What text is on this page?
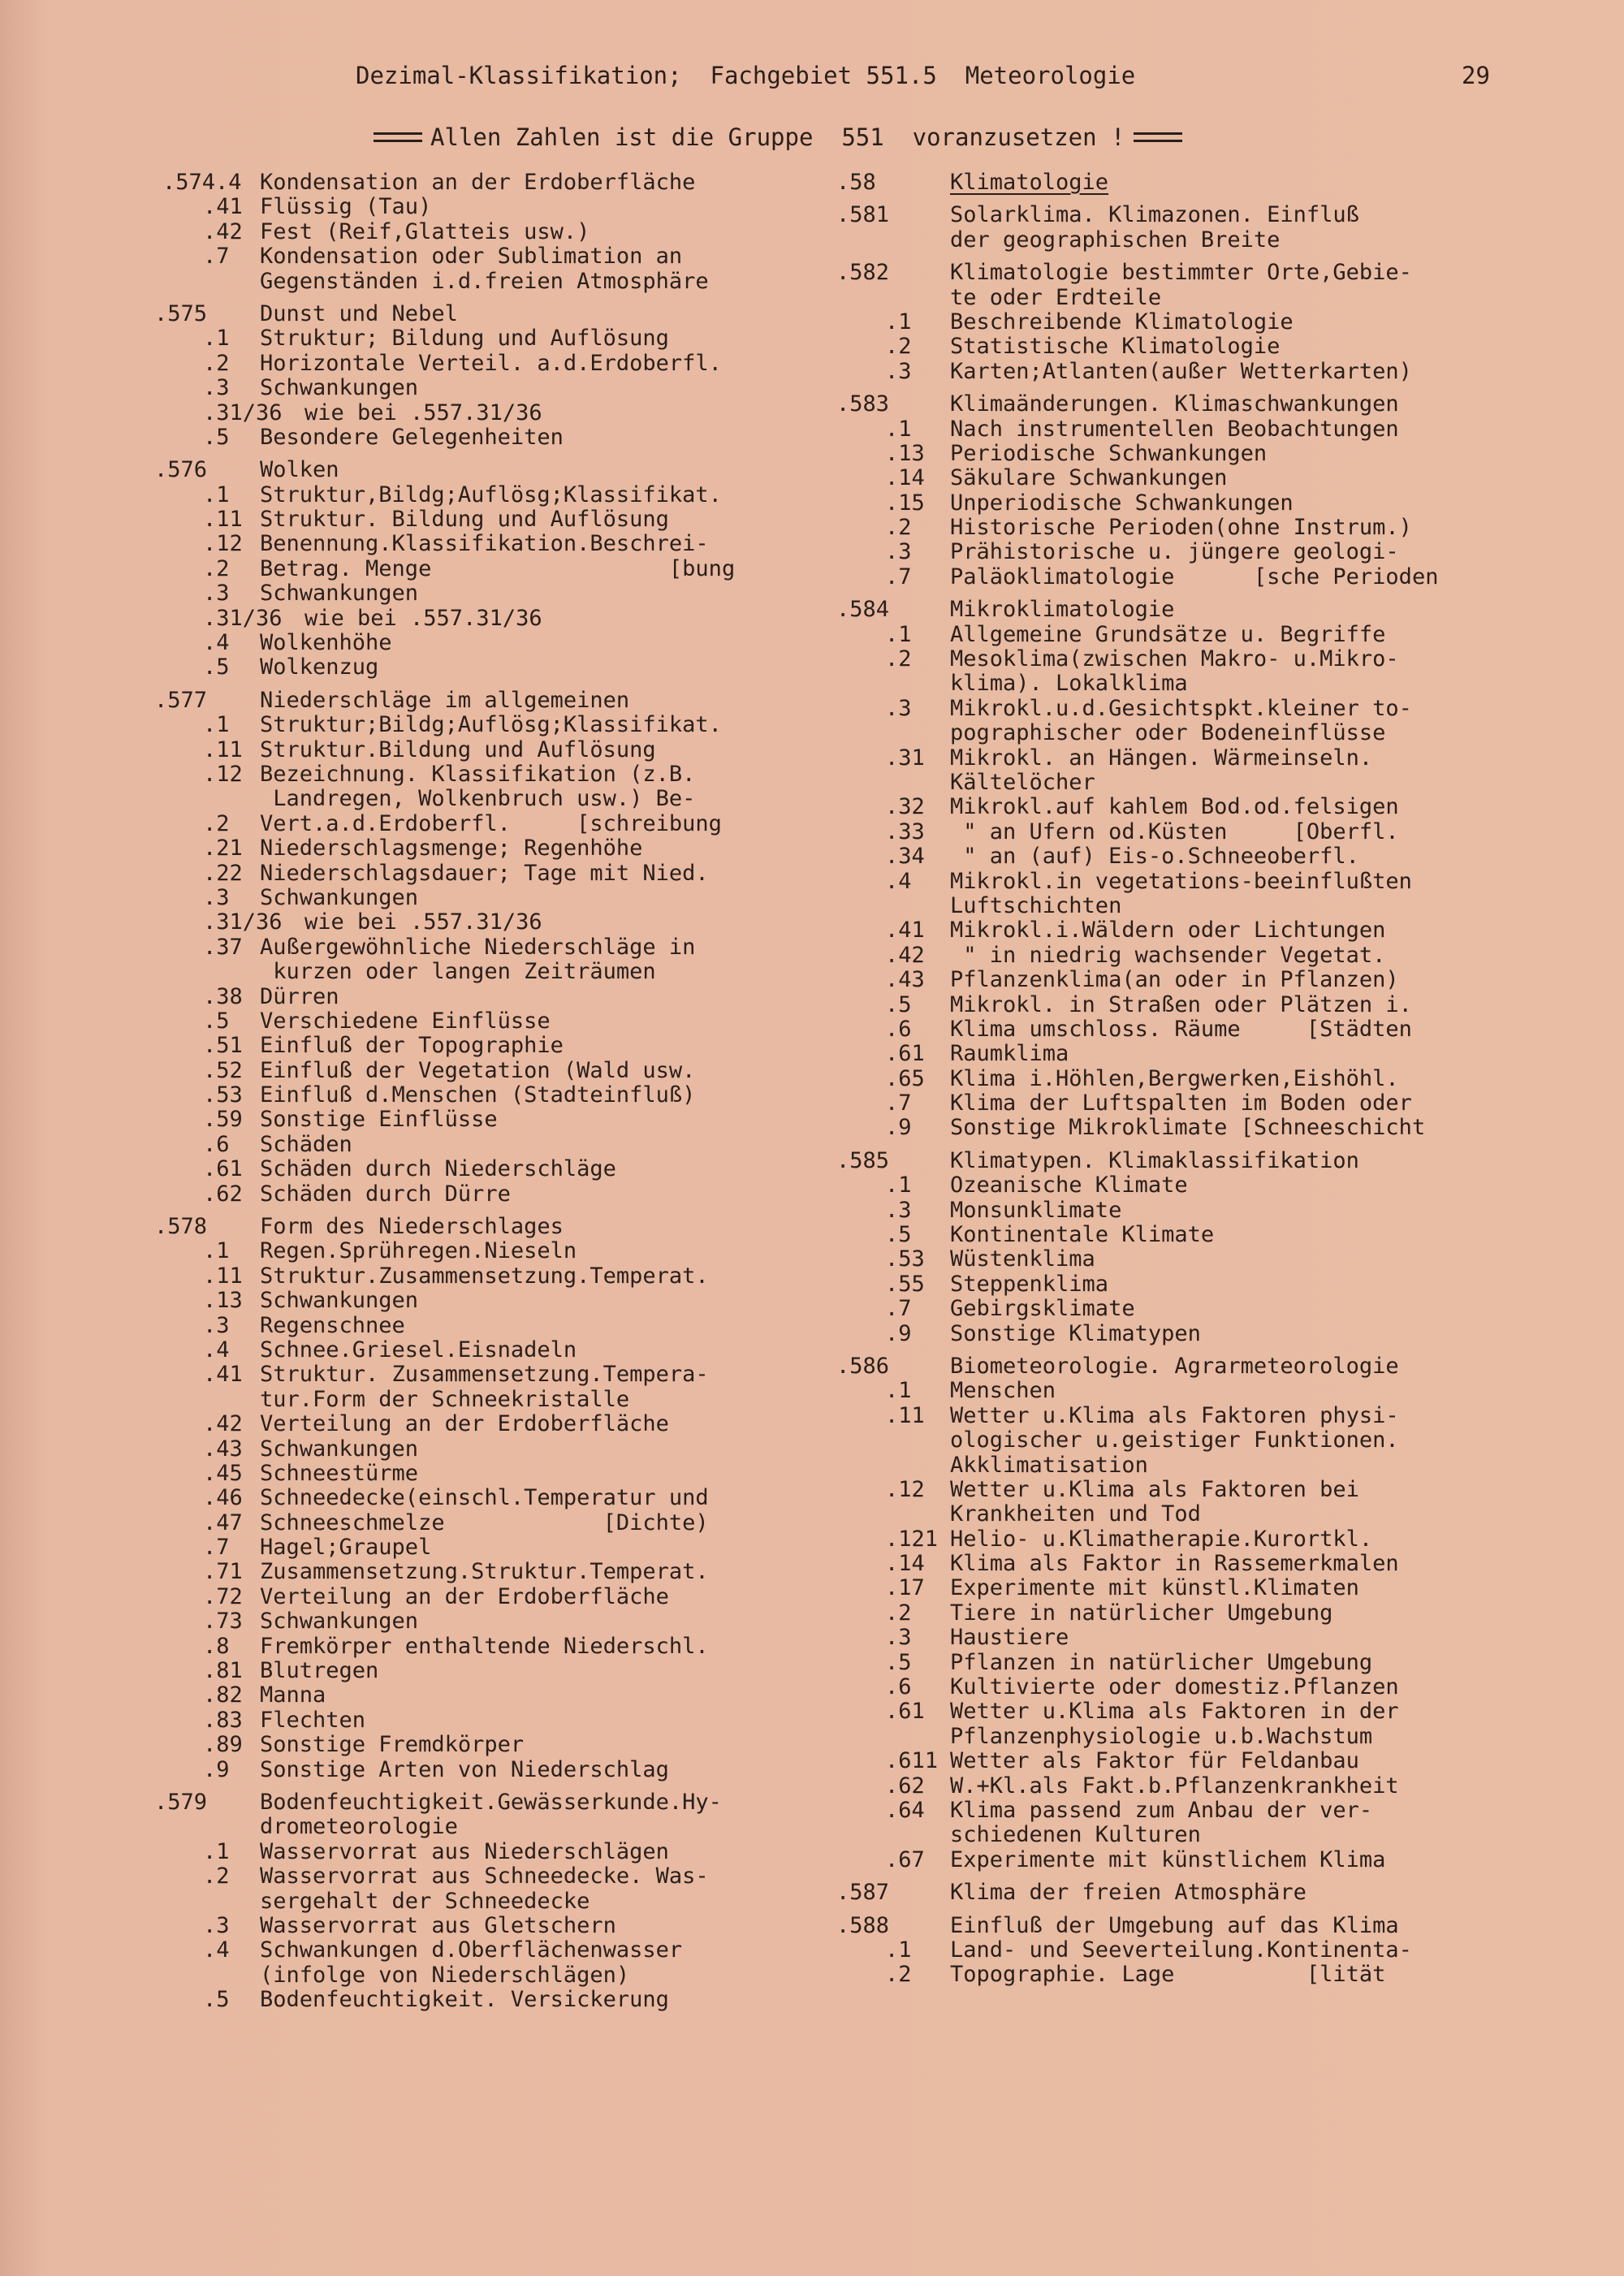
Dezimal-Klassifikation;  Fachgebiet 551.5  Meteorologie	29
Allen Zahlen ist die Gruppe  551  voranzusetzen !
.574.4 Kondensation an der Erdoberfläche
.41 Flüssig (Tau)
.42 Fest (Reif,Glatteis usw.)
.7 Kondensation oder Sublimation an
Gegenständen i.d.freien Atmosphäre
.575 Dunst und Nebel
.1 Struktur; Bildung und Auflösung
.2 Horizontale Verteil. a.d.Erdoberfl.
.3 Schwankungen
.31/36 wie bei .557.31/36
.5 Besondere Gelegenheiten
.576 Wolken
.1 Struktur,Bildg;Auflösg;Klassifikat.
.11 Struktur. Bildung und Auflösung
.12 Benennung.Klassifikation.Beschrei-
.2 Betrag. Menge                  [bung
.3 Schwankungen
.31/36 wie bei .557.31/36
.4 Wolkenhöhe
.5 Wolkenzug
.577 Niederschläge im allgemeinen
.1 Struktur;Bildg;Auflösg;Klassifikat.
.11 Struktur.Bildung und Auflösung
.12 Bezeichnung. Klassifikation (z.B.
Landregen, Wolkenbruch usw.) Be-
.2 Vert.a.d.Erdoberfl.     [schreibung
.21 Niederschlagsmenge; Regenhöhe
.22 Niederschlagsdauer; Tage mit Nied.
.3 Schwankungen
.31/36 wie bei .557.31/36
.37 Außergewöhnliche Niederschläge in
kurzen oder langen Zeiträumen
.38 Dürren
.5 Verschiedene Einflüsse
.51 Einfluß der Topographie
.52 Einfluß der Vegetation (Wald usw.
.53 Einfluß d.Menschen (Stadteinfluß)
.59 Sonstige Einflüsse
.6 Schäden
.61 Schäden durch Niederschläge
.62 Schäden durch Dürre
.578 Form des Niederschlages
.1 Regen.Sprühregen.Nieseln
.11 Struktur.Zusammensetzung.Temperat.
.13 Schwankungen
.3 Regenschnee
.4 Schnee.Griesel.Eisnadeln
.41 Struktur. Zusammensetzung.Tempera-
tur.Form der Schneekristalle
.42 Verteilung an der Erdoberfläche
.43 Schwankungen
.45 Schneestürme
.46 Schneedecke(einschl.Temperatur und
.47 Schneeschmelze            [Dichte)
.7 Hagel;Graupel
.71 Zusammensetzung.Struktur.Temperat.
.72 Verteilung an der Erdoberfläche
.73 Schwankungen
.8 Fremkörper enthaltende Niederschl.
.81 Blutregen
.82 Manna
.83 Flechten
.89 Sonstige Fremdkörper
.9 Sonstige Arten von Niederschlag
.579 Bodenfeuchtigkeit.Gewässerkunde.Hy-
drometeorologie
.1 Wasservorrat aus Niederschlägen
.2 Wasservorrat aus Schneedecke. Was-
sergehalt der Schneedecke
.3 Wasservorrat aus Gletschern
.4 Schwankungen d.Oberflächenwasser
(infolge von Niederschlägen)
.5 Bodenfeuchtigkeit. Versickerung
.58	Klimatologie
.581	Solarklima. Klimazonen. Einfluß
der geographischen Breite
.582	Klimatologie bestimmter Orte,Gebie-
te oder Erdteile
.1 Beschreibende Klimatologie
.2 Statistische Klimatologie
.3 Karten;Atlanten(außer Wetterkarten)
.583	Klimaänderungen. Klimaschwankungen
.1 Nach instrumentellen Beobachtungen
.13 Periodische Schwankungen
.14 Säkulare Schwankungen
.15 Unperiodische Schwankungen
.2 Historische Perioden(ohne Instrum.)
.3 Prähistorische u. jüngere geologi-
.7 Paläoklimatologie      [sche Perioden
.584	Mikroklimatologie
.1 Allgemeine Grundsätze u. Begriffe
.2 Mesoklima(zwischen Makro- u.Mikro-
klima). Lokalklima
.3 Mikrokl.u.d.Gesichtspkt.kleiner to-
pographischer oder Bodeneinflüsse
.31 Mikrokl. an Hängen. Wärmeinseln.
Kältelöcher
.32 Mikrokl.auf kahlem Bod.od.felsigen
.33 " an Ufern od.Küsten     [Oberfl.
.34 " an (auf) Eis-o.Schneeoberfl.
.4 Mikrokl.in vegetations-beeinflußten
Luftschichten
.41 Mikrokl.i.Wäldern oder Lichtungen
.42 " in niedrig wachsender Vegetat.
.43 Pflanzenklima(an oder in Pflanzen)
.5 Mikrokl. in Straßen oder Plätzen i.
.6 Klima umschloss. Räume     [Städten
.61 Raumklima
.65 Klima i.Höhlen,Bergwerken,Eishöhl.
.7 Klima der Luftspalten im Boden oder
.9 Sonstige Mikroklimate [Schneeschicht
.585	Klimatypen. Klimaklassifikation
.1 Ozeanische Klimate
.3 Monsunklimate
.5 Kontinentale Klimate
.53 Wüstenklima
.55 Steppenklima
.7 Gebirgsklimate
.9 Sonstige Klimatypen
.586	Biometeorologie. Agrarmeteorologie
.1 Menschen
.11 Wetter u.Klima als Faktoren physi-
ologischer u.geistiger Funktionen.
Akklimatisation
.12 Wetter u.Klima als Faktoren bei
Krankheiten und Tod
.121 Helio- u.Klimatherapie.Kurortkl.
.14 Klima als Faktor in Rassemerkmalen
.17 Experimente mit künstl.Klimaten
.2 Tiere in natürlicher Umgebung
.3 Haustiere
.5 Pflanzen in natürlicher Umgebung
.6 Kultivierte oder domestiz.Pflanzen
.61 Wetter u.Klima als Faktoren in der
Pflanzenphysiologie u.b.Wachstum
.611 Wetter als Faktor für Feldanbau
.62 W.+Kl.als Fakt.b.Pflanzenkrankheit
.64 Klima passend zum Anbau der ver-
schiedenen Kulturen
.67 Experimente mit künstlichem Klima
.587	Klima der freien Atmosphäre
.588	Einfluß der Umgebung auf das Klima
.1 Land- und Seeverteilung.Kontinenta-
.2 Topographie. Lage          [lität
